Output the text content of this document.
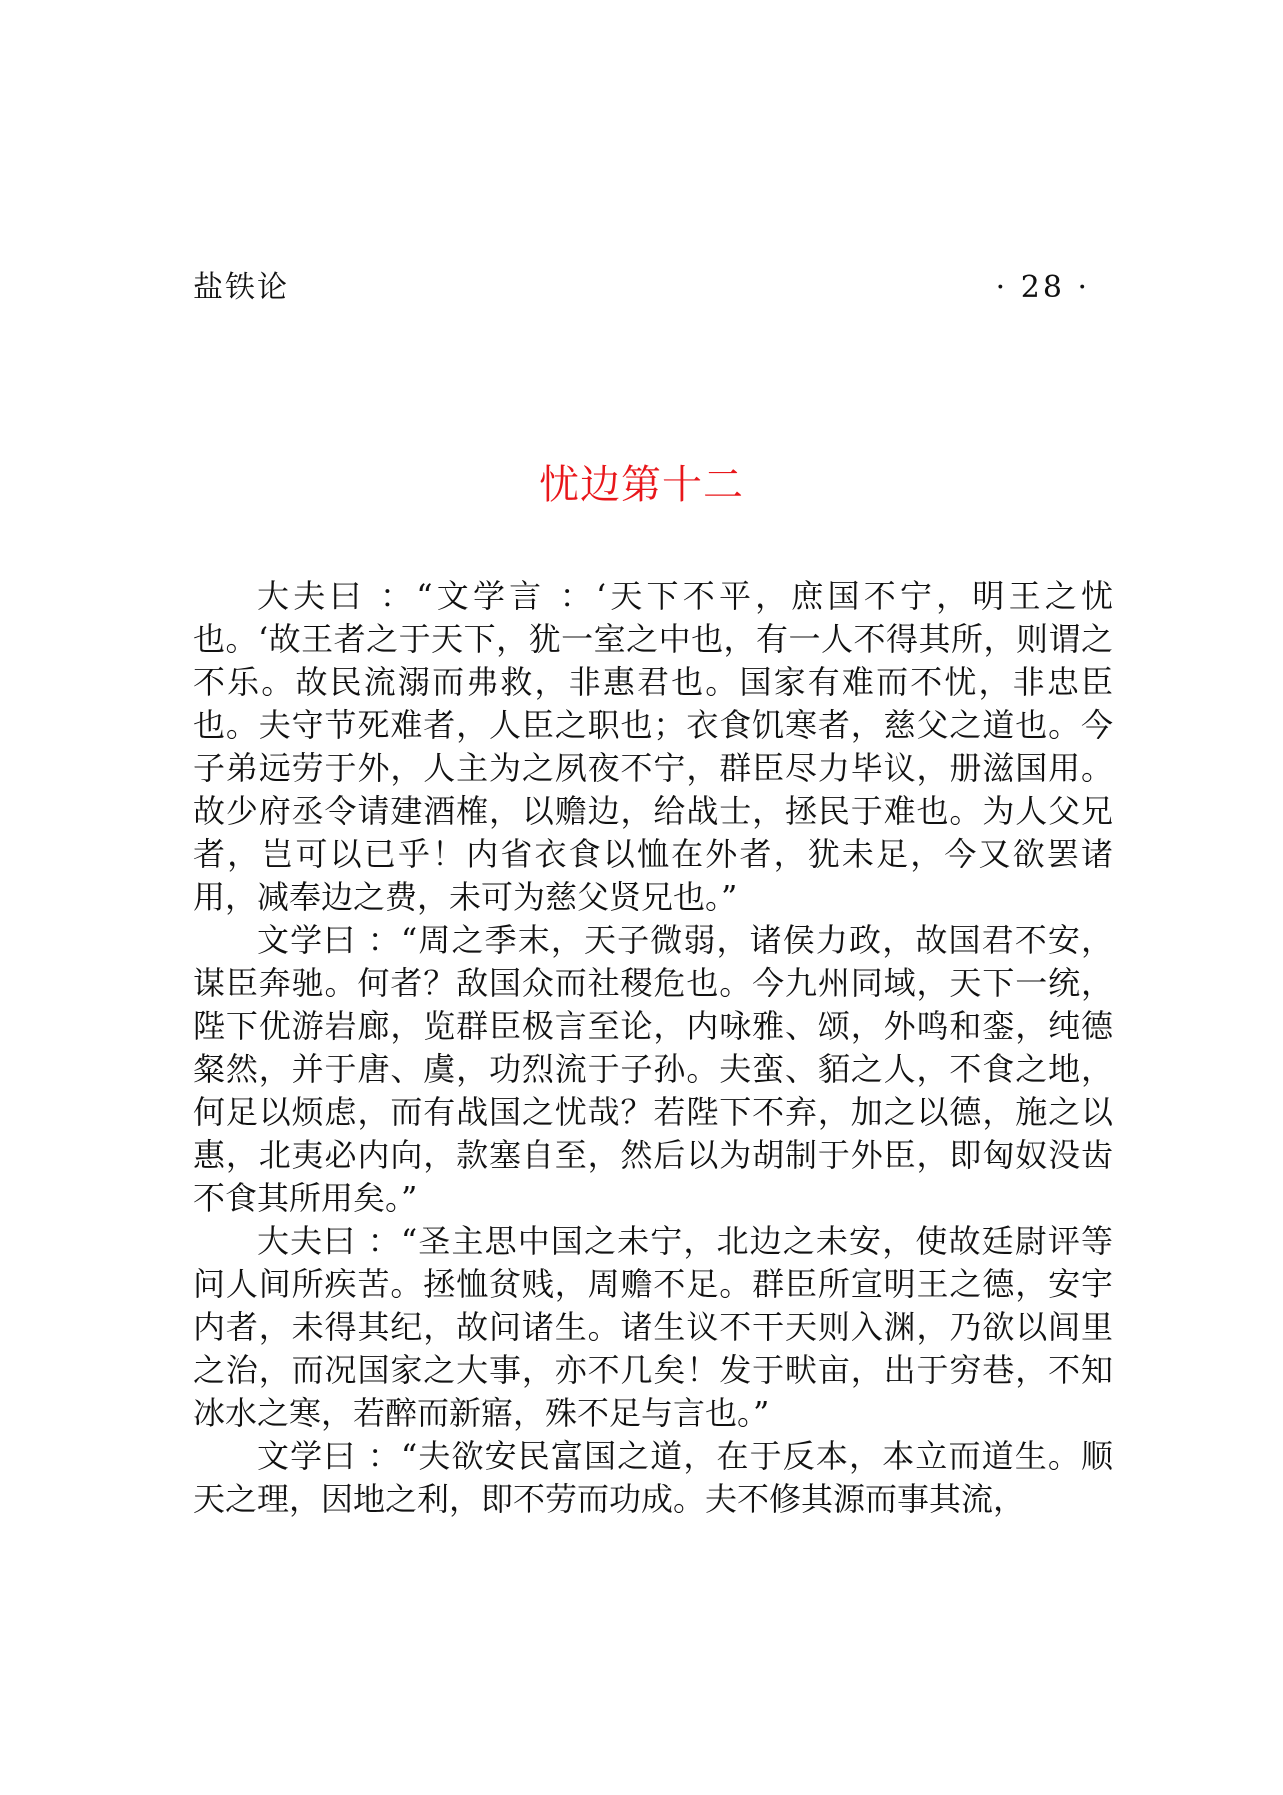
盐铁论	· 28 ·
忧边第十二

大夫曰 ：“文学言 ：‘天下不平，庶国不宁，明王之忧也。‘故王者之于天下，犹一室之中也，有一人不得其所，则谓之不乐。故民流溺而弗救，非惠君也。国家有难而不忧，非忠臣也。夫守节死难者，人臣之职也；衣食饥寒者，慈父之道也。今子弟远劳于外，人主为之夙夜不宁，群臣尽力毕议，册滋国用。故少府丞令请建酒榷，以赡边，给战士，拯民于难也。为人父兄者，岂可以已乎！内省衣食以恤在外者，犹未足，今又欲罢诸用，减奉边之费，未可为慈父贤兄也。”

文学曰 ：“周之季末，天子微弱，诸侯力政，故国君不安，谋臣奔驰。何者？敌国众而社稷危也。今九州同域，天下一统，陛下优游岩廊，览群臣极言至论，内咏雅、颂，外鸣和銮，纯德粲然，并于唐、虞，功烈流于子孙。夫蛮、貊之人，不食之地，何足以烦虑，而有战国之忧哉？若陛下不弃，加之以德，施之以惠，北夷必内向，款塞自至，然后以为胡制于外臣，即匈奴没齿不食其所用矣。”

大夫曰 ：“圣主思中国之未宁，北边之未安，使故廷尉评等问人间所疾苦。拯恤贫贱，周赡不足。群臣所宣明王之德，安宇内者，未得其纪，故问诸生。诸生议不干天则入渊，乃欲以闾里之治，而况国家之大事，亦不几矣！发于畎亩，出于穷巷，不知冰水之寒，若醉而新寤，殊不足与言也。”

文学曰 ：“夫欲安民富国之道，在于反本，本立而道生。顺天之理，因地之利，即不劳而功成。夫不修其源而事其流，
